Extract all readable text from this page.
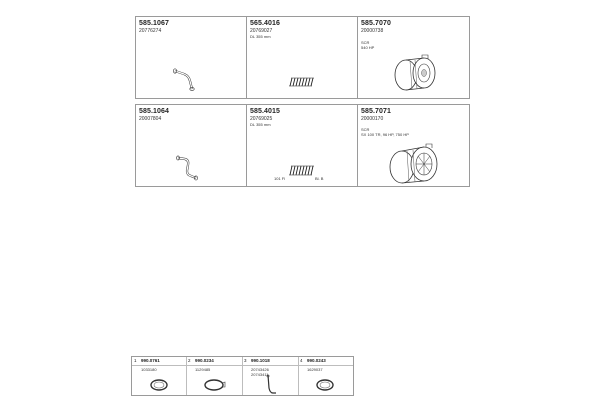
585.1067
20776274
565.4016
20769027
DL 355 mm
585.7070
20000738
SCR
540 HP
585.1064
20007804
585.4015
20769025
DL 355 mm
101 Fl	Bl. B
585.7071
20000170
SCR
SX 100 TR, 96 HP, 750 HP
1 990.0761
1033180
2 990.0234
1129485
3 990.1018
20743426
20743411
4 990.0243
1629037
